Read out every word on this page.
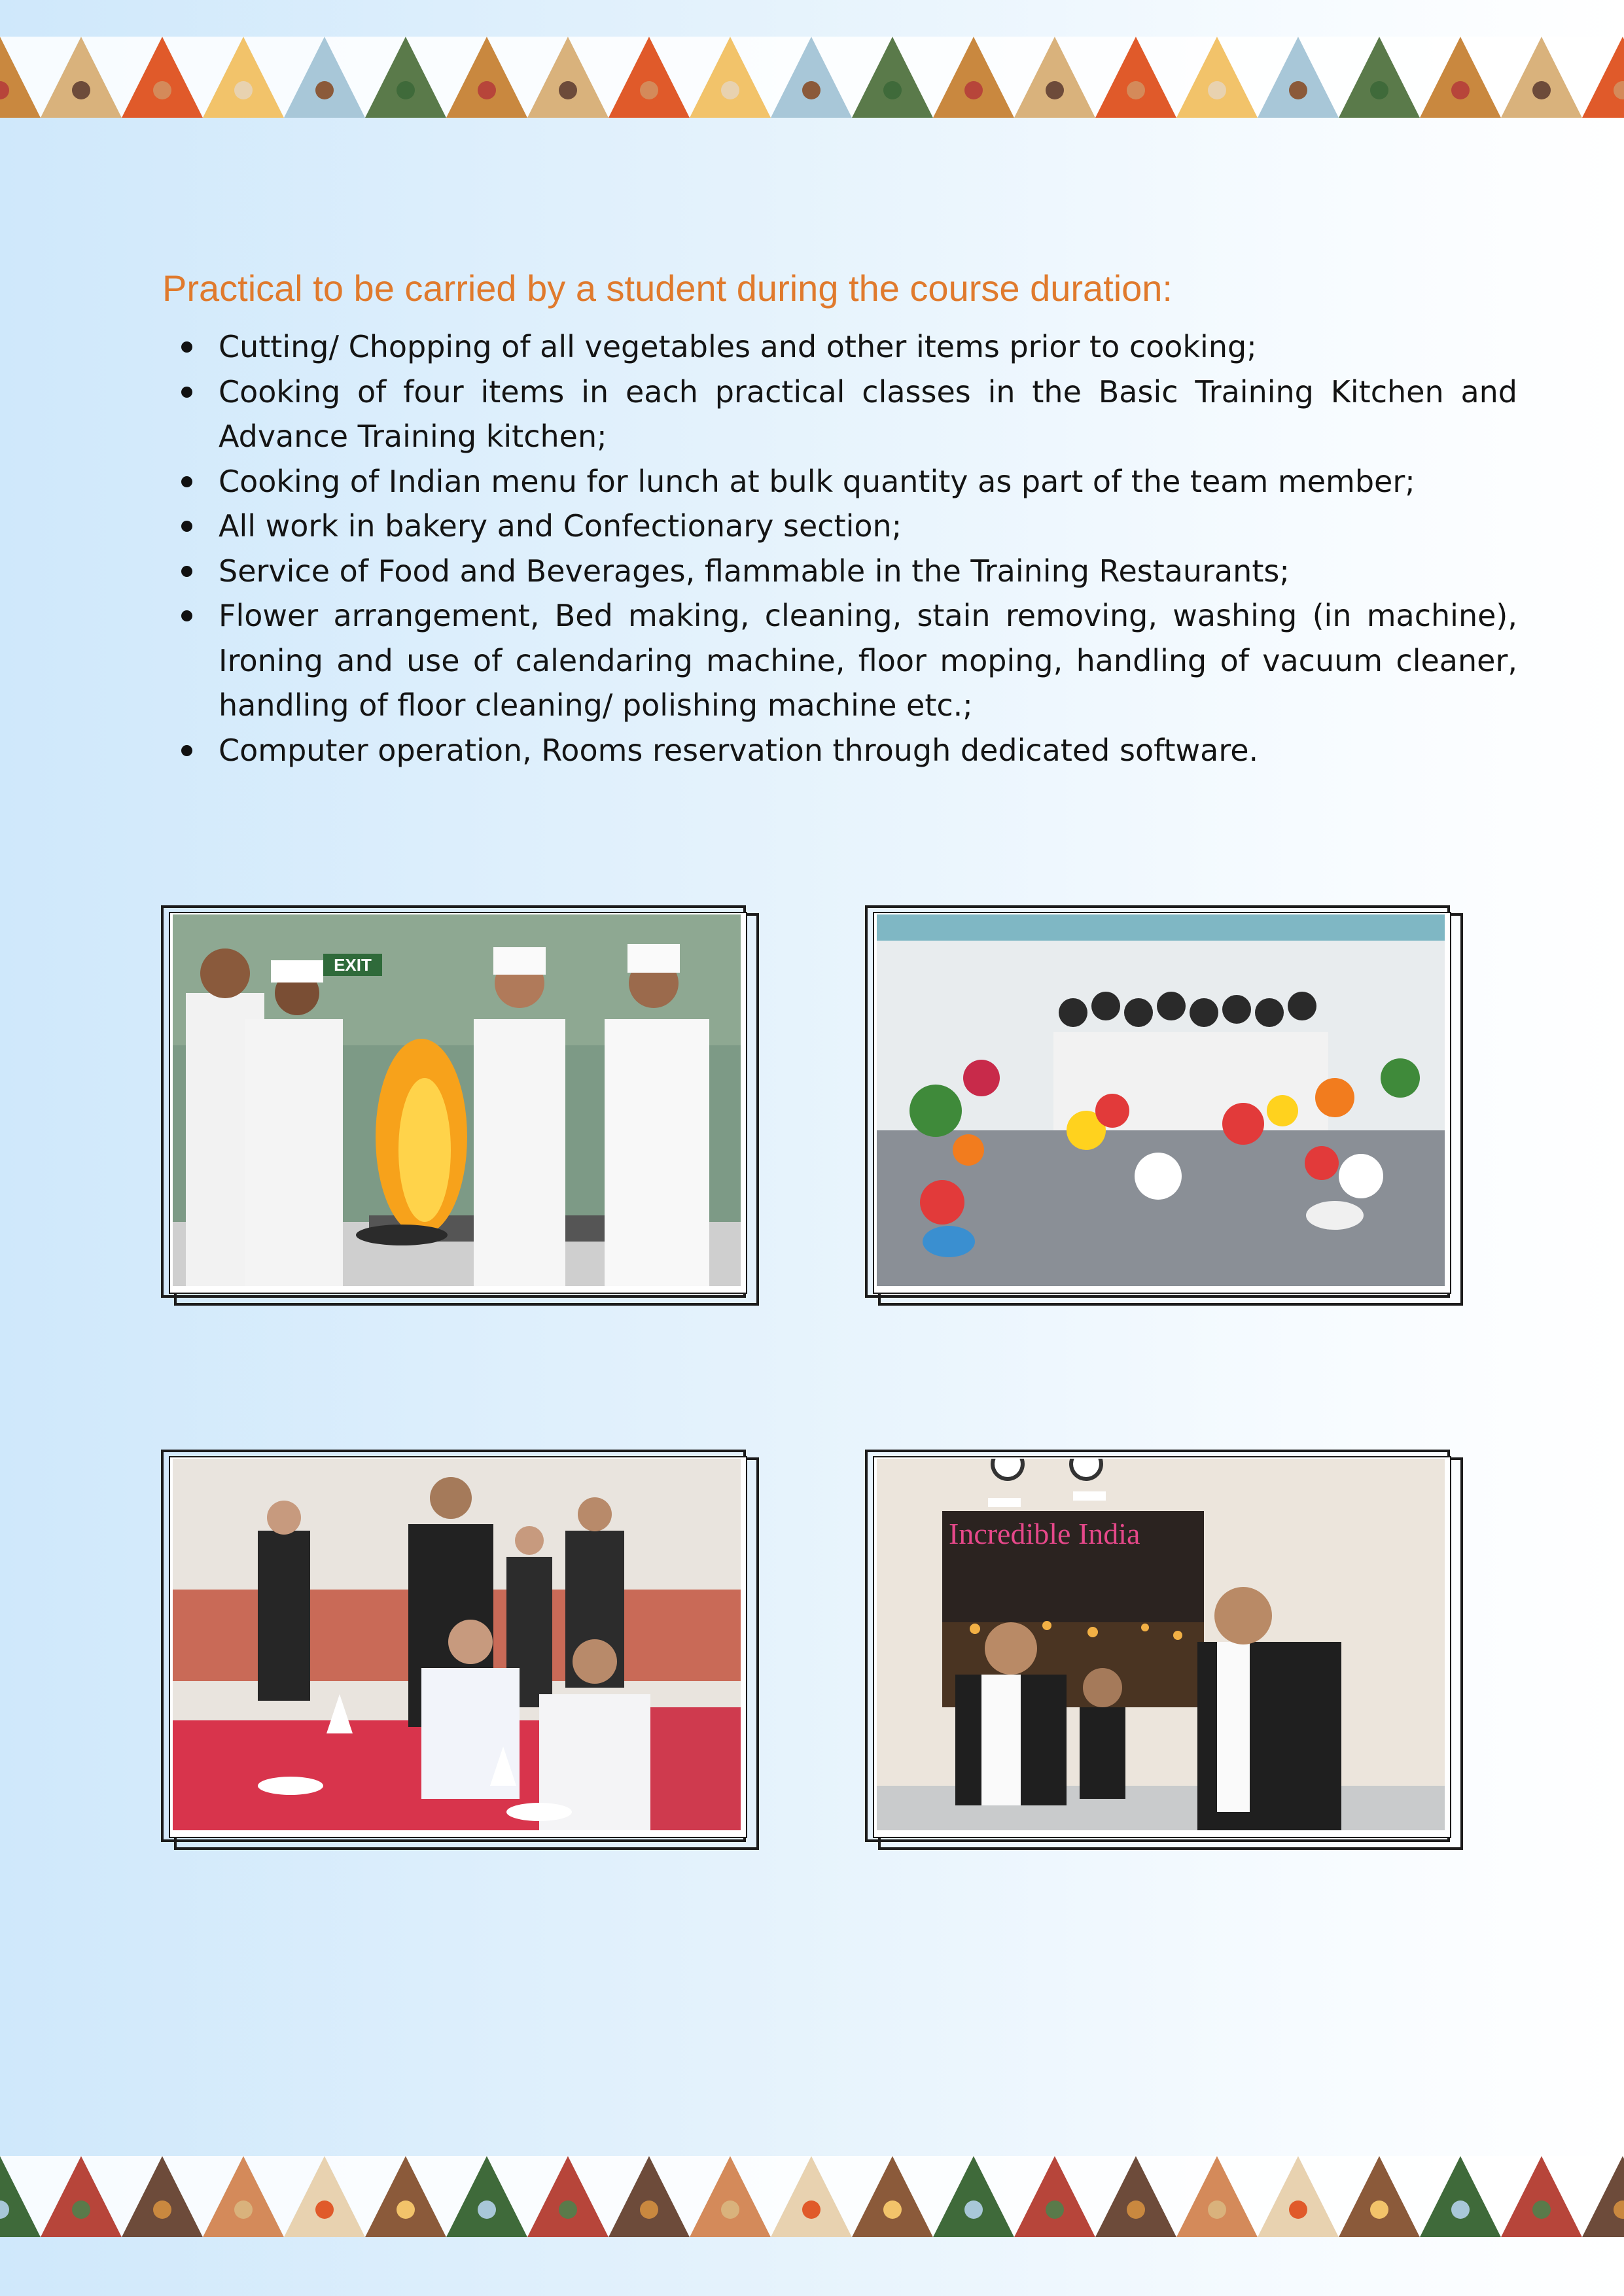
Practical to be carried by a student during the course duration:
Cutting/ Chopping of all vegetables and other items prior to cooking;
Cooking of four items in each practical classes in the Basic Training Kitchen and Advance Training kitchen;
Cooking of Indian menu for lunch at bulk quantity as part of the team member;
All work in bakery and Confectionary section;
Service of Food and Beverages, flammable in the Training Restaurants;
Flower arrangement, Bed making, cleaning, stain removing, washing (in machine), Ironing and use of calendaring machine, floor moping, handling of vacuum cleaner, handling of floor cleaning/ polishing machine etc.;
Computer operation, Rooms reservation through dedicated software.
EXIT
Incredible India
